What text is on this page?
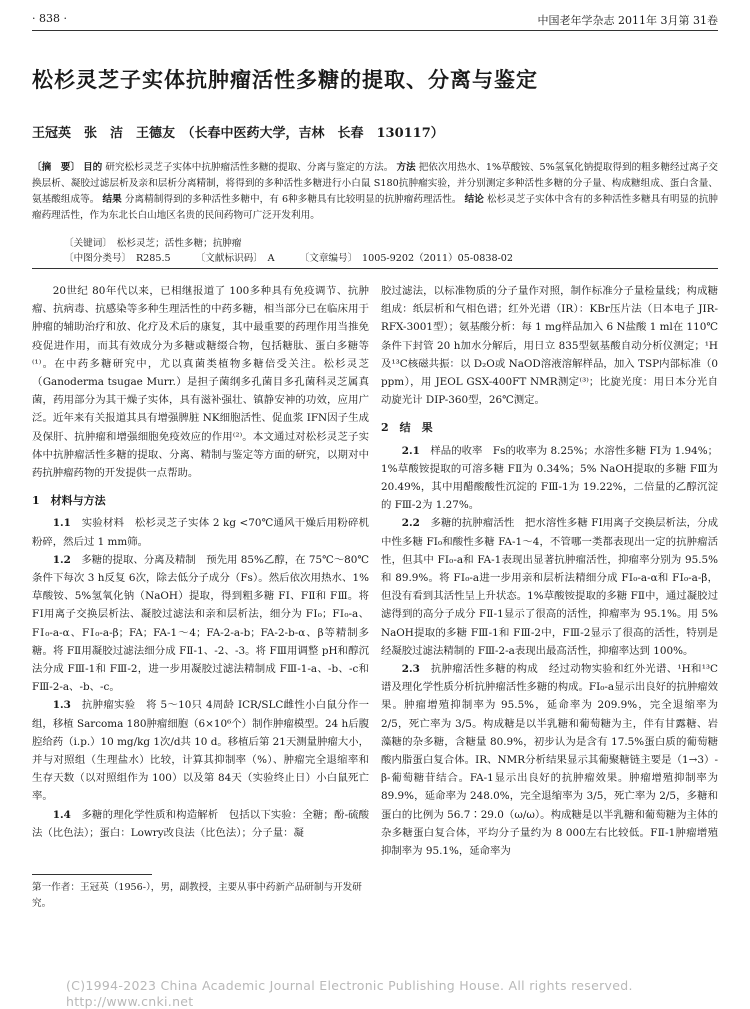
· 838 ·	中国老年学杂志 2011年 3月第 31卷
松杉灵芝子实体抗肿瘤活性多糖的提取、分离与鉴定
王冠英　张　洁　王德友　（长春中医药大学，吉林　长春　130117）
〔摘　要〕 目的 研究松杉灵芝子实体中抗肿瘤活性多糖的提取、分离与鉴定的方法。 方法 把依次用热水、1%草酸铵、5%氢氧化钠提取得到的粗多糖经过离子交换层析、凝胶过滤层析及亲和层析分离精制，将得到的多种活性多糖进行小白鼠 S180抗肿瘤实验，并分别测定多种活性多糖的分子量、构成糖组成、蛋白含量、氨基酸组成等。 结果 分离精制得到的多种活性多糖中，有 6种多糖具有比较明显的抗肿瘤药理活性。 结论 松杉灵芝子实体中含有的多种活性多糖具有明显的抗肿瘤药理活性，作为东北长白山地区名贵的民间药物可广泛开发利用。
〔关键词〕　松杉灵芝；活性多糖；抗肿瘤
〔中图分类号〕　R285.5	〔文献标识码〕　A	〔文章编号〕　1005-9202（2011）05-0838-02

20世纪 80年代以来，已相继报道了 100多种具有免疫调节、抗肿瘤、抗病毒、抗感染等多种生理活性的中药多糖，相当部分已在临床用于肿瘤的辅助治疗和放、化疗及术后的康复，其中最重要的药理作用当推免疫促进作用，而其有效成分为多糖或糖缀合物，包括糖肽、蛋白多糖等⁽¹⁾。在中药多糖研究中，尤以真菌类植物多糖倍受关注。松杉灵芝（Ganoderma tsugae Murr.）是担子菌纲多孔菌目多孔菌科灵芝属真菌，药用部分为其干燥子实体，具有滋补强壮、镇静安神的功效，应用广泛。近年来有关报道其具有增强脾脏 NK细胞活性、促血浆 IFN因子生成及保肝、抗肿瘤和增强细胞免疫效应的作用⁽²⁾。本文通过对松杉灵芝子实体中抗肿瘤活性多糖的提取、分离、精制与鉴定等方面的研究，以期对中药抗肿瘤药物的开发提供一点帮助。

1　材料与方法

1.1　实验材料　松杉灵芝子实体 2 kg <70℃通风干燥后用粉碎机粉碎，然后过 1 mm筛。

1.2　多糖的提取、分离及精制　预先用 85%乙醇，在 75℃～80℃条件下每次 3 h反复 6次，除去低分子成分（Fs）。然后依次用热水、1%草酸铵、5%氢氧化钠（NaOH）提取，得到粗多糖 FⅠ、FⅡ和 FⅢ。将 FⅠ用离子交换层析法、凝胶过滤法和亲和层析法，细分为 FⅠ₀；FⅠ₀-a、FⅠ₀-a-α、FⅠ₀-a-β；FA；FA-1～4；FA-2-a-b；FA-2-b-α、β等精制多糖。将 FⅡ用凝胶过滤法细分成 FⅡ-1、-2、-3。将 FⅢ用调整 pH和醇沉法分成 FⅢ-1和 FⅢ-2，进一步用凝胶过滤法精制成 FⅢ-1-a、-b、-c和 FⅢ-2-a、-b、-c。

1.3　抗肿瘤实验　将 5～10只 4周龄 ICR/SLC雌性小白鼠分作一组，移植 Sarcoma 180肿瘤细胞（6×10⁶个）制作肿瘤模型。24 h后腹腔给药（i.p.）10 mg/kg 1次/d共 10 d。移植后第 21天测量肿瘤大小，并与对照组（生理盐水）比较，计算其抑制率（%）、肿瘤完全退缩率和生存天数（以对照组作为 100）以及第 84天（实验终止日）小白鼠死亡率。

1.4　多糖的理化学性质和构造解析　包括以下实验：全糖；酚-硫酸法（比色法）；蛋白：Lowry改良法（比色法）；分子量：凝

胶过滤法，以标准物质的分子量作对照，制作标准分子量检量线；构成糖组成：纸层析和气相色谱；红外光谱（IR）：KBr压片法（日本电子 JIR-RFX-3001型）；氨基酸分析：每 1 mg样品加入 6 N盐酸 1 ml在 110℃条件下封管 20 h加水分解后，用日立 835型氨基酸自动分析仪测定；¹H及¹³C核磁共振：以 D₂O或 NaOD溶液溶解样品，加入 TSP内部标准（0 ppm），用 JEOL GSX-400FT NMR测定⁽³⁾；比旋光度：用日本分光自动旋光计 DIP-360型，26℃测定。

2　结　果

2.1　样品的收率　Fs的收率为 8.25%；水溶性多糖 FⅠ为 1.94%；1%草酸铵提取的可溶多糖 FⅡ为 0.34%；5% NaOH提取的多糖 FⅢ为 20.49%，其中用醋酸酸性沉淀的 FⅢ-1为 19.22%，二倍量的乙醇沉淀的 FⅢ-2为 1.27%。

2.2　多糖的抗肿瘤活性　把水溶性多糖 FⅠ用离子交换层析法，分成中性多糖 FⅠ₀和酸性多糖 FA-1～4，不管哪一类都表现出一定的抗肿瘤活性，但其中 FⅠ₀-a和 FA-1表现出显著抗肿瘤活性，抑瘤率分别为 95.5%和 89.9%。将 FⅠ₀-a进一步用亲和层析法精细分成 FⅠ₀-a-α和 FⅠ₀-a-β，但没有看到其活性呈上升状态。1%草酸铵提取的多糖 FⅡ中，通过凝胶过滤得到的高分子成分 FⅡ-1显示了很高的活性，抑瘤率为 95.1%。用 5% NaOH提取的多糖 FⅢ-1和 FⅢ-2中，FⅢ-2显示了很高的活性，特别是经凝胶过滤法精制的 FⅢ-2-a表现出最高活性，抑瘤率达到 100%。

2.3　抗肿瘤活性多糖的构成　经过动物实验和红外光谱、¹H和¹³C谱及理化学性质分析抗肿瘤活性多糖的构成。FⅠ₀-a显示出良好的抗肿瘤效果。肿瘤增殖抑制率为 95.5%，延命率为 209.9%，完全退缩率为 2/5，死亡率为 3/5。构成糖是以半乳糖和葡萄糖为主，伴有甘露糖、岩藻糖的杂多糖，含糖量 80.9%，初步认为是含有 17.5%蛋白质的葡萄糖酸内脂蛋白复合体。IR、NMR分析结果显示其葡聚糖链主要是（1→3）-β-葡萄糖苷结合。FA-1显示出良好的抗肿瘤效果。肿瘤增殖抑制率为 89.9%，延命率为 248.0%，完全退缩率为 3/5，死亡率为 2/5，多糖和蛋白的比例为 56.7∶29.0（ω/ω）。构成糖是以半乳糖和葡萄糖为主体的杂多糖蛋白复合体，平均分子量约为 8 000左右比较低。FⅡ-1肿瘤增殖抑制率为 95.1%，延命率为

第一作者：王冠英（1956-），男，副教授，主要从事中药新产品研制与开发研究。
(C)1994-2023 China Academic Journal Electronic Publishing House. All rights reserved.　 http://www.cnki.net
